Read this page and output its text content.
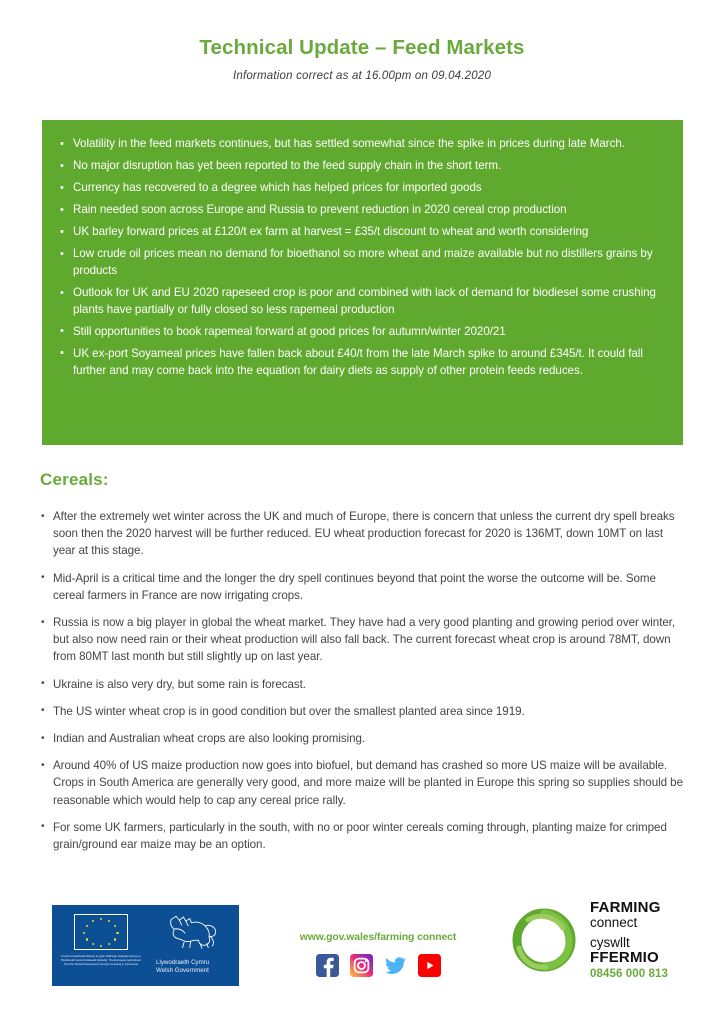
Technical Update – Feed Markets
Information correct as at 16.00pm on 09.04.2020
• Volatility in the feed markets continues, but has settled somewhat since the spike in prices during late March.
• No major disruption has yet been reported to the feed supply chain in the short term.
• Currency has recovered to a degree which has helped prices for imported goods
• Rain needed soon across Europe and Russia to prevent reduction in 2020 cereal crop production
• UK barley forward prices at £120/t ex farm at harvest = £35/t discount to wheat and worth considering
• Low crude oil prices mean no demand for bioethanol so more wheat and maize available but no distillers grains by products
• Outlook for UK and EU 2020 rapeseed crop is poor and combined with lack of demand for biodiesel some crushing plants have partially or fully closed so less rapemeal production
• Still opportunities to book rapemeal forward at good prices for autumn/winter 2020/21
• UK ex-port Soyameal prices have fallen back about £40/t from the late March spike to around £345/t. It could fall further and may come back into the equation for dairy diets as supply of other protein feeds reduces.
Cereals:
• After the extremely wet winter across the UK and much of Europe, there is concern that unless the current dry spell breaks soon then the 2020 harvest will be further reduced. EU wheat production forecast for 2020 is 136MT, down 10MT on last year at this stage.
• Mid-April is a critical time and the longer the dry spell continues beyond that point the worse the outcome will be. Some cereal farmers in France are now irrigating crops.
• Russia is now a big player in global the wheat market. They have had a very good planting and growing period over winter, but also now need rain or their wheat production will also fall back. The current forecast wheat crop is around 78MT, down from 80MT last month but still slightly up on last year.
• Ukraine is also very dry, but some rain is forecast.
• The US winter wheat crop is in good condition but over the smallest planted area since 1919.
• Indian and Australian wheat crops are also looking promising.
• Around 40% of US maize production now goes into biofuel, but demand has crashed so more US maize will be available. Crops in South America are generally very good, and more maize will be planted in Europe this spring so supplies should be reasonable which would help to cap any cereal price rally.
• For some UK farmers, particularly in the south, with no or poor winter cereals coming through, planting maize for crimped grain/ground ear maize may be an option.
Cronfa Amaethyddol Ewrop ar gyfer Datblygu Gwledig: Ewrop yn Buddsoddi mewn Ardaloedd Gwledig. The European Agricultural Fund for Rural Development: Europe investing in rural areas	Llywodraeth Cymru
Welsh Government
www.gov.wales/farming connect
FARMING
connect
cyswllt
FFERMIO
08456 000 813
